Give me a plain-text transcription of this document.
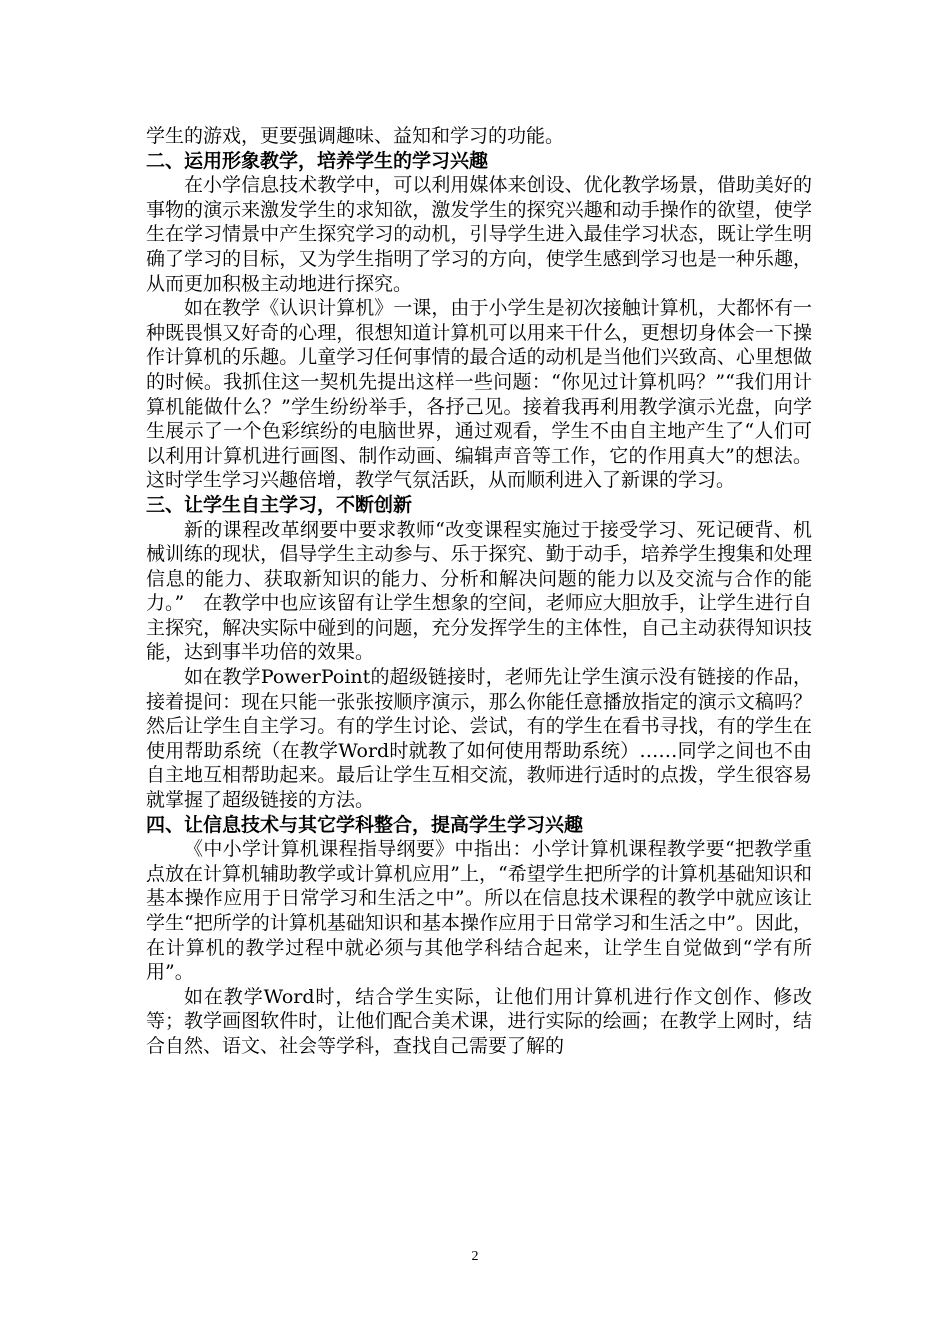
学生的游戏，更要强调趣味、益知和学习的功能。

二、运用形象教学，培养学生的学习兴趣

在小学信息技术教学中，可以利用媒体来创设、优化教学场景，借助美好的事物的演示来激发学生的求知欲，激发学生的探究兴趣和动手操作的欲望，使学生在学习情景中产生探究学习的动机，引导学生进入最佳学习状态，既让学生明确了学习的目标，又为学生指明了学习的方向，使学生感到学习也是一种乐趣，从而更加积极主动地进行探究。

如在教学《认识计算机》一课，由于小学生是初次接触计算机，大都怀有一种既畏惧又好奇的心理，很想知道计算机可以用来干什么，更想切身体会一下操作计算机的乐趣。儿童学习任何事情的最合适的动机是当他们兴致高、心里想做的时候。我抓住这一契机先提出这样一些问题：“你见过计算机吗？”“我们用计算机能做什么？”学生纷纷举手，各抒己见。接着我再利用教学演示光盘，向学生展示了一个色彩缤纷的电脑世界，通过观看，学生不由自主地产生了“人们可以利用计算机进行画图、制作动画、编辑声音等工作，它的作用真大”的想法。这时学生学习兴趣倍增，教学气氛活跃，从而顺利进入了新课的学习。

三、让学生自主学习，不断创新

新的课程改革纲要中要求教师“改变课程实施过于接受学习、死记硬背、机械训练的现状，倡导学生主动参与、乐于探究、勤于动手，培养学生搜集和处理信息的能力、获取新知识的能力、分析和解决问题的能力以及交流与合作的能力。”　在教学中也应该留有让学生想象的空间，老师应大胆放手，让学生进行自主探究，解决实际中碰到的问题，充分发挥学生的主体性，自己主动获得知识技能，达到事半功倍的效果。

如在教学PowerPoint的超级链接时，老师先让学生演示没有链接的作品，接着提问：现在只能一张张按顺序演示，那么你能任意播放指定的演示文稿吗？然后让学生自主学习。有的学生讨论、尝试，有的学生在看书寻找，有的学生在使用帮助系统（在教学Word时就教了如何使用帮助系统）……同学之间也不由自主地互相帮助起来。最后让学生互相交流，教师进行适时的点拨，学生很容易就掌握了超级链接的方法。

四、让信息技术与其它学科整合，提高学生学习兴趣

《中小学计算机课程指导纲要》中指出：小学计算机课程教学要“把教学重点放在计算机辅助教学或计算机应用”上，“希望学生把所学的计算机基础知识和基本操作应用于日常学习和生活之中”。所以在信息技术课程的教学中就应该让学生“把所学的计算机基础知识和基本操作应用于日常学习和生活之中”。因此，在计算机的教学过程中就必须与其他学科结合起来，让学生自觉做到“学有所用”。

如在教学Word时，结合学生实际，让他们用计算机进行作文创作、修改等；教学画图软件时，让他们配合美术课，进行实际的绘画；在教学上网时，结合自然、语文、社会等学科，查找自己需要了解的

2
